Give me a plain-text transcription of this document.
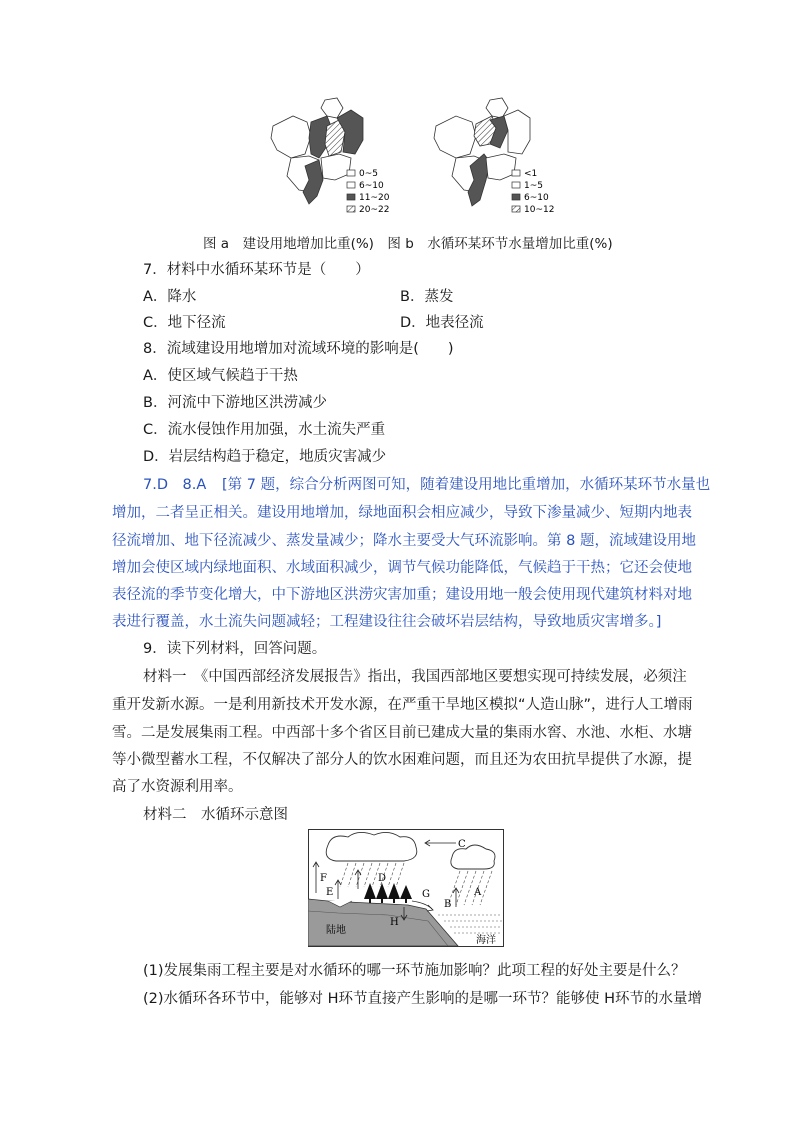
0~5
6~10
11~20
20~22
<1
1~5
6~10
10~12
图 a　建设用地增加比重(%)　图 b　水循环某环节水量增加比重(%)
7．材料中水循环某环节是（　　）
A．降水	B．蒸发
C．地下径流	D．地表径流
8．流域建设用地增加对流域环境的影响是(　　)
A．使区域气候趋于干热
B．河流中下游地区洪涝减少
C．流水侵蚀作用加强，水土流失严重
D．岩层结构趋于稳定，地质灾害减少
7.D　8.A [第 7 题，综合分析两图可知，随着建设用地比重增加，水循环某环节水量也
增加，二者呈正相关。建设用地增加，绿地面积会相应减少，导致下渗量减少、短期内地表
径流增加、地下径流减少、蒸发量减少；降水主要受大气环流影响。第 8 题，流域建设用地
增加会使区域内绿地面积、水域面积减少，调节气候功能降低，气候趋于干热；它还会使地
表径流的季节变化增大，中下游地区洪涝灾害加重；建设用地一般会使用现代建筑材料对地
表进行覆盖，水土流失问题减轻；工程建设往往会破坏岩层结构，导致地质灾害增多。]
9．读下列材料，回答问题。
材料一　《中国西部经济发展报告》指出，我国西部地区要想实现可持续发展，必须注
重开发新水源。一是利用新技术开发水源，在严重干旱地区模拟“人造山脉”，进行人工增雨
雪。二是发展集雨工程。中西部十多个省区目前已建成大量的集雨水窖、水池、水柜、水塘
等小微型蓄水工程，不仅解决了部分人的饮水困难问题，而且还为农田抗旱提供了水源，提
高了水资源利用率。
材料二　水循环示意图
C
F
E
D
G
B
A
H
陆地
海洋
(1)发展集雨工程主要是对水循环的哪一环节施加影响？此项工程的好处主要是什么？
(2)水循环各环节中，能够对 H环节直接产生影响的是哪一环节？能够使 H环节的水量增
